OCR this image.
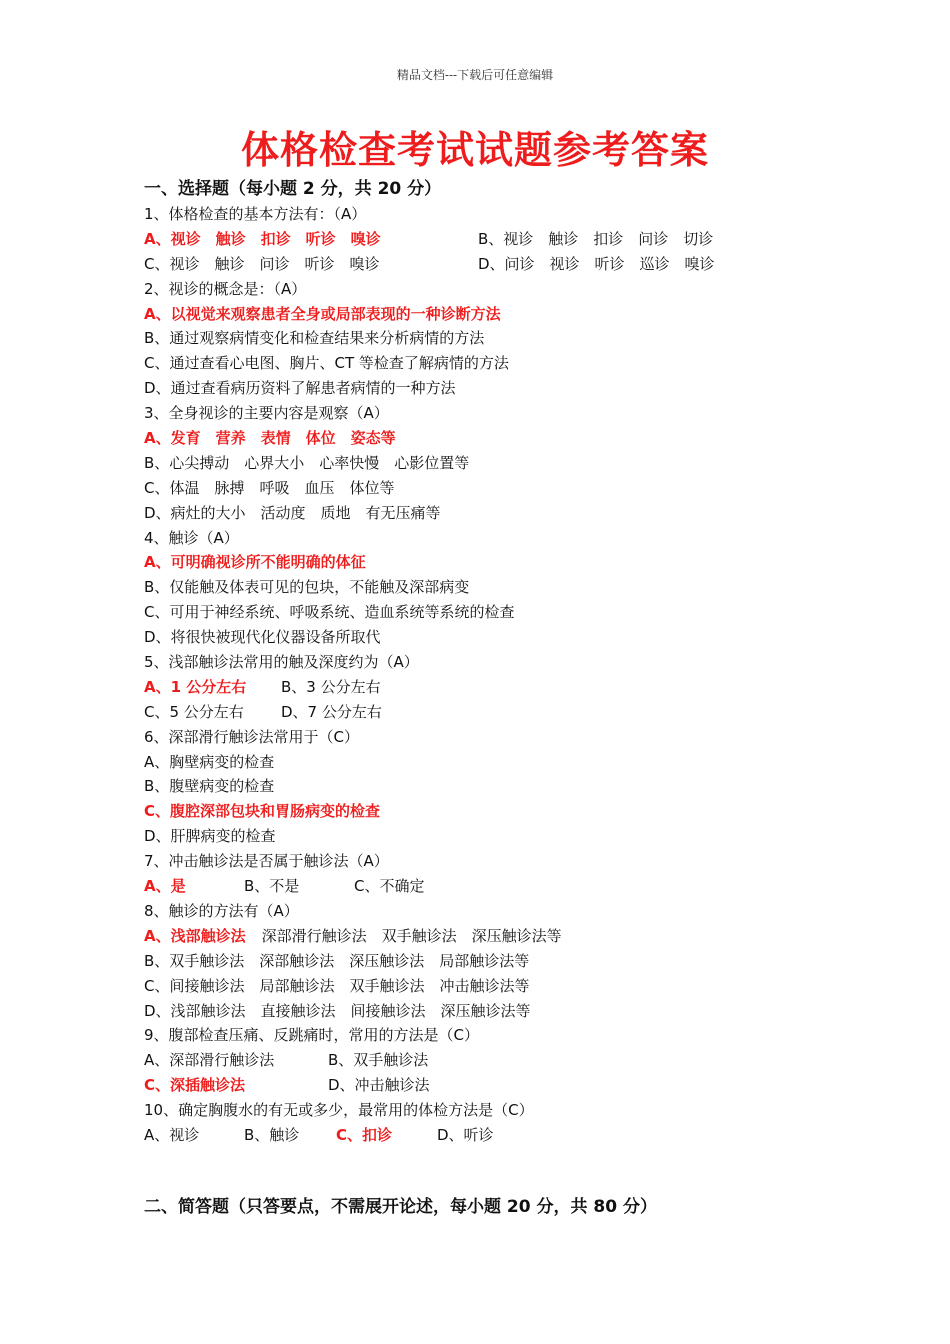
精品文档---下载后可任意编辑
体格检查考试试题参考答案
一、选择题（每小题 2 分，共 20 分）
1、体格检查的基本方法有：（A）
A、视诊　触诊　扣诊　听诊　嗅诊	B、视诊　触诊　扣诊　问诊　切诊
C、视诊　触诊　问诊　听诊　嗅诊	D、问诊　视诊　听诊　巡诊　嗅诊
2、视诊的概念是：（A）
A、以视觉来观察患者全身或局部表现的一种诊断方法
B、通过观察病情变化和检查结果来分析病情的方法
C、通过查看心电图、胸片、CT 等检查了解病情的方法
D、通过查看病历资料了解患者病情的一种方法
3、全身视诊的主要内容是观察（A）
A、发育　营养　表情　体位　姿态等
B、心尖搏动　心界大小　心率快慢　心影位置等
C、体温　脉搏　呼吸　血压　体位等
D、病灶的大小　活动度　质地　有无压痛等
4、触诊（A）
A、可明确视诊所不能明确的体征
B、仅能触及体表可见的包块，不能触及深部病变
C、可用于神经系统、呼吸系统、造血系统等系统的检查
D、将很快被现代化仪器设备所取代
5、浅部触诊法常用的触及深度约为（A）
A、1 公分左右 B、3 公分左右
C、5 公分左右 D、7 公分左右
6、深部滑行触诊法常用于（C）
A、胸壁病变的检查
B、腹壁病变的检查
C、腹腔深部包块和胃肠病变的检查
D、肝脾病变的检查
7、冲击触诊法是否属于触诊法（A）
A、是	B、不是	C、不确定
8、触诊的方法有（A）
A、浅部触诊法 深部滑行触诊法　双手触诊法　深压触诊法等
B、双手触诊法　深部触诊法　深压触诊法　局部触诊法等
C、间接触诊法　局部触诊法　双手触诊法　冲击触诊法等
D、浅部触诊法　直接触诊法　间接触诊法　深压触诊法等
9、腹部检查压痛、反跳痛时，常用的方法是（C）
A、深部滑行触诊法	B、双手触诊法
C、深插触诊法	D、冲击触诊法
10、确定胸腹水的有无或多少，最常用的体检方法是（C）
A、视诊	B、触诊 C、扣诊	D、听诊
二、简答题（只答要点，不需展开论述，每小题 20 分，共 80 分）
